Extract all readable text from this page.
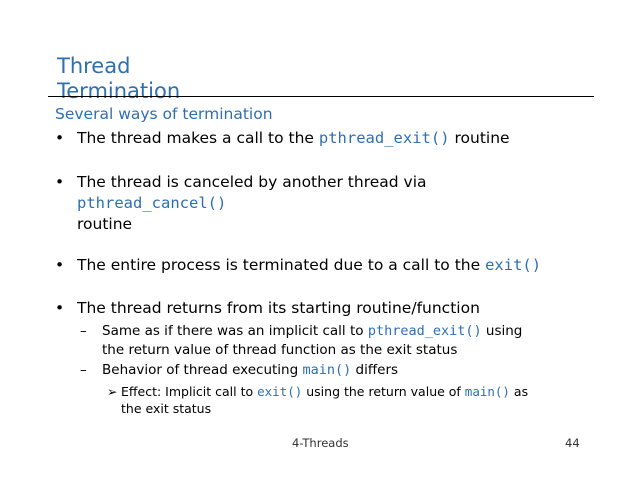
Thread Termination
Several ways of termination
• The thread makes a call to the pthread_exit() routine
• The thread is canceled by another thread via
pthread_cancel()
routine
• The entire process is terminated due to a call to the exit()
• The thread returns from its starting routine/function
– Same as if there was an implicit call to pthread_exit() using
the return value of thread function as the exit status
– Behavior of thread executing main() differs
➢ Effect: Implicit call to exit() using the return value of main() as
the exit status
4-Threads	44
